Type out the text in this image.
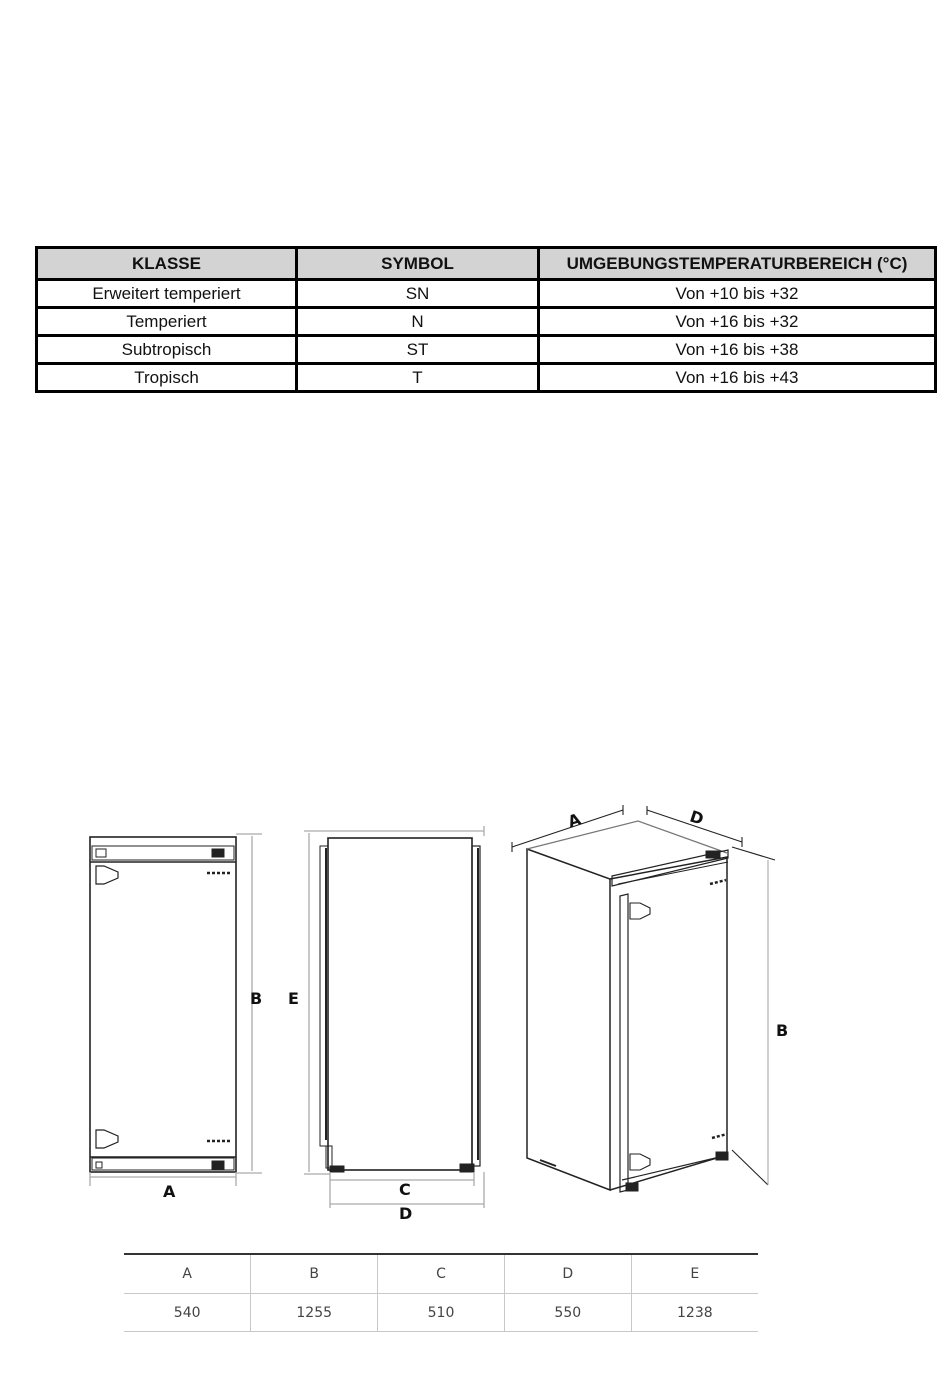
KLASSE	SYMBOL	UMGEBUNGSTEMPERATURBEREICH (°C)
Erweitert temperiert	SN	Von +10 bis +32
Temperiert	N	Von +16 bis +32
Subtropisch	ST	Von +16 bis +38
Tropisch	T	Von +16 bis +43
B
A
E
C
D
A	D
B
A	B	C	D	E
540	1255	510	550	1238
